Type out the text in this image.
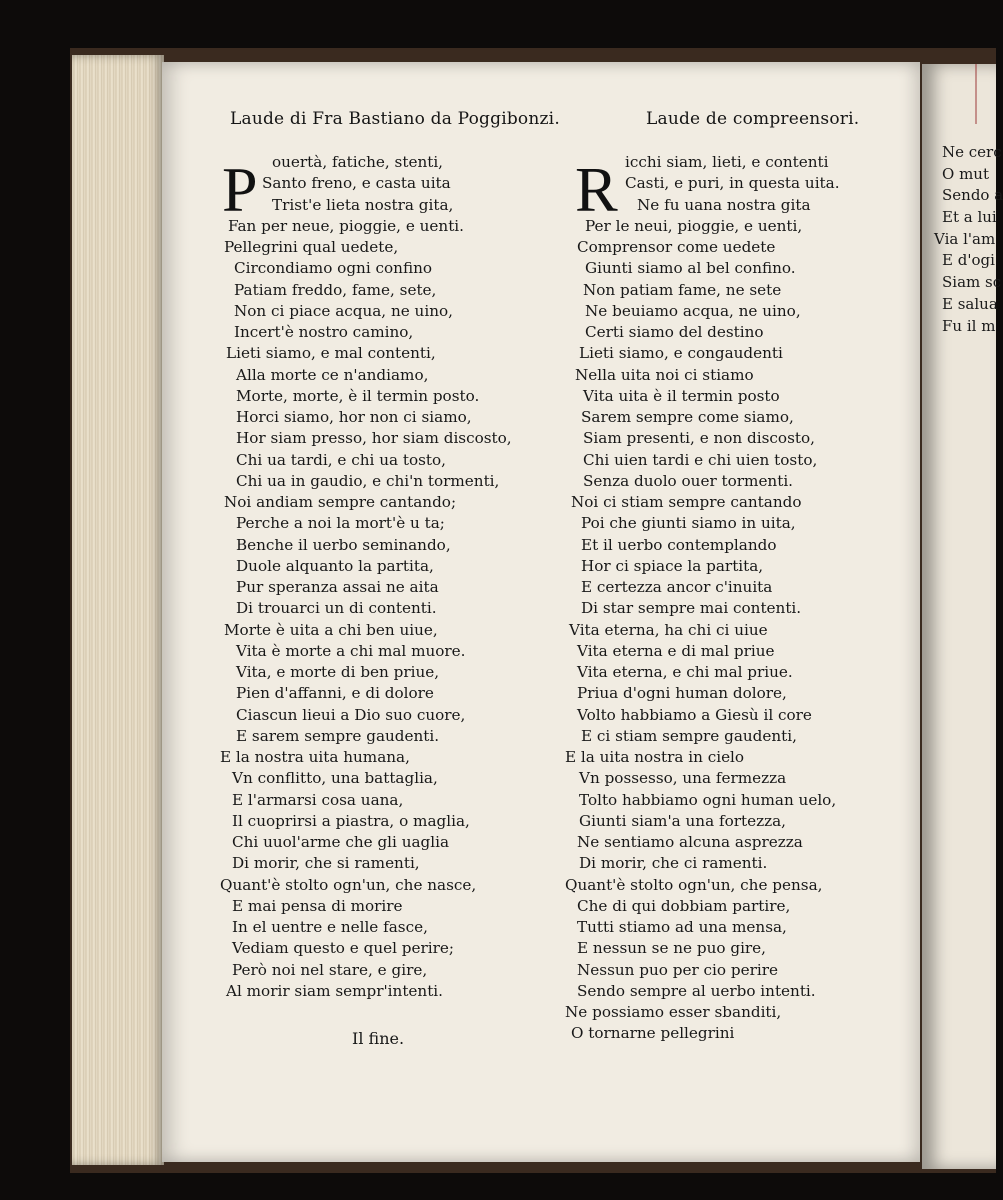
Laude di Fra Bastiano da Poggibonzi.	Laude de compreensori.
P ouertà, fatiche, stenti,
Santo freno, e casta uita
Trist'e lieta nostra gita,
Fan per neue, pioggie, e uenti.
Pellegrini qual uedete,
Circondiamo ogni confino
Patiam freddo, fame, sete,
Non ci piace acqua, ne uino,
Incert'è nostro camino,
Lieti siamo, e mal contenti,
Alla morte ce n'andiamo,
Morte, morte, è il termin posto.
Horci siamo, hor non ci siamo,
Hor siam presso, hor siam discosto,
Chi ua tardi, e chi ua tosto,
Chi ua in gaudio, e chi'n tormenti,
Noi andiam sempre cantando;
Perche a noi la mort'è u ta;
Benche il uerbo seminando,
Duole alquanto la partita,
Pur speranza assai ne aita
Di trouarci un di contenti.
Morte è uita a chi ben uiue,
Vita è morte a chi mal muore.
Vita, e morte di ben priue,
Pien d'affanni, e di dolore
Ciascun lieui a Dio suo cuore,
E sarem sempre gaudenti.
E la nostra uita humana,
Vn conflitto, una battaglia,
E l'armarsi cosa uana,
Il cuoprirsi a piastra, o maglia,
Chi uuol'arme che gli uaglia
Di morir, che si ramenti,
Quant'è stolto ogn'un, che nasce,
E mai pensa di morire
In el uentre e nelle fasce,
Vediam questo e quel perire;
Però noi nel stare, e gire,
Al morir siam sempr'intenti.
R icchi siam, lieti, e contenti
Casti, e puri, in questa uita.
Ne fu uana nostra gita
Per le neui, pioggie, e uenti,
Comprensor come uedete
Giunti siamo al bel confino.
Non patiam fame, ne sete
Ne beuiamo acqua, ne uino,
Certi siamo del destino
Lieti siamo, e congaudenti
Nella uita noi ci stiamo
Vita uita è il termin posto
Sarem sempre come siamo,
Siam presenti, e non discosto,
Chi uien tardi e chi uien tosto,
Senza duolo ouer tormenti.
Noi ci stiam sempre cantando
Poi che giunti siamo in uita,
Et il uerbo contemplando
Hor ci spiace la partita,
E certezza ancor c'inuita
Di star sempre mai contenti.
Vita eterna, ha chi ci uiue
Vita eterna e di mal priue
Vita eterna, e chi mal priue.
Priua d'ogni human dolore,
Volto habbiamo a Giesù il core
E ci stiam sempre gaudenti,
E la uita nostra in cielo
Vn possesso, una fermezza
Tolto habbiamo ogni human uelo,
Giunti siam'a una fortezza,
Ne sentiamo alcuna asprezza
Di morir, che ci ramenti.
Quant'è stolto ogn'un, che pensa,
Che di qui dobbiam partire,
Tutti stiamo ad una mensa,
E nessun se ne puo gire,
Nessun puo per cio perire
Sendo sempre al uerbo intenti.
Ne possiamo esser sbanditi,
O tornarne pellegrini
Il fine.
Ne cerc
O mut
Sendo a
Et a lui
Via l'am
E d'ogi
Siam sc
E salua
Fu il m
